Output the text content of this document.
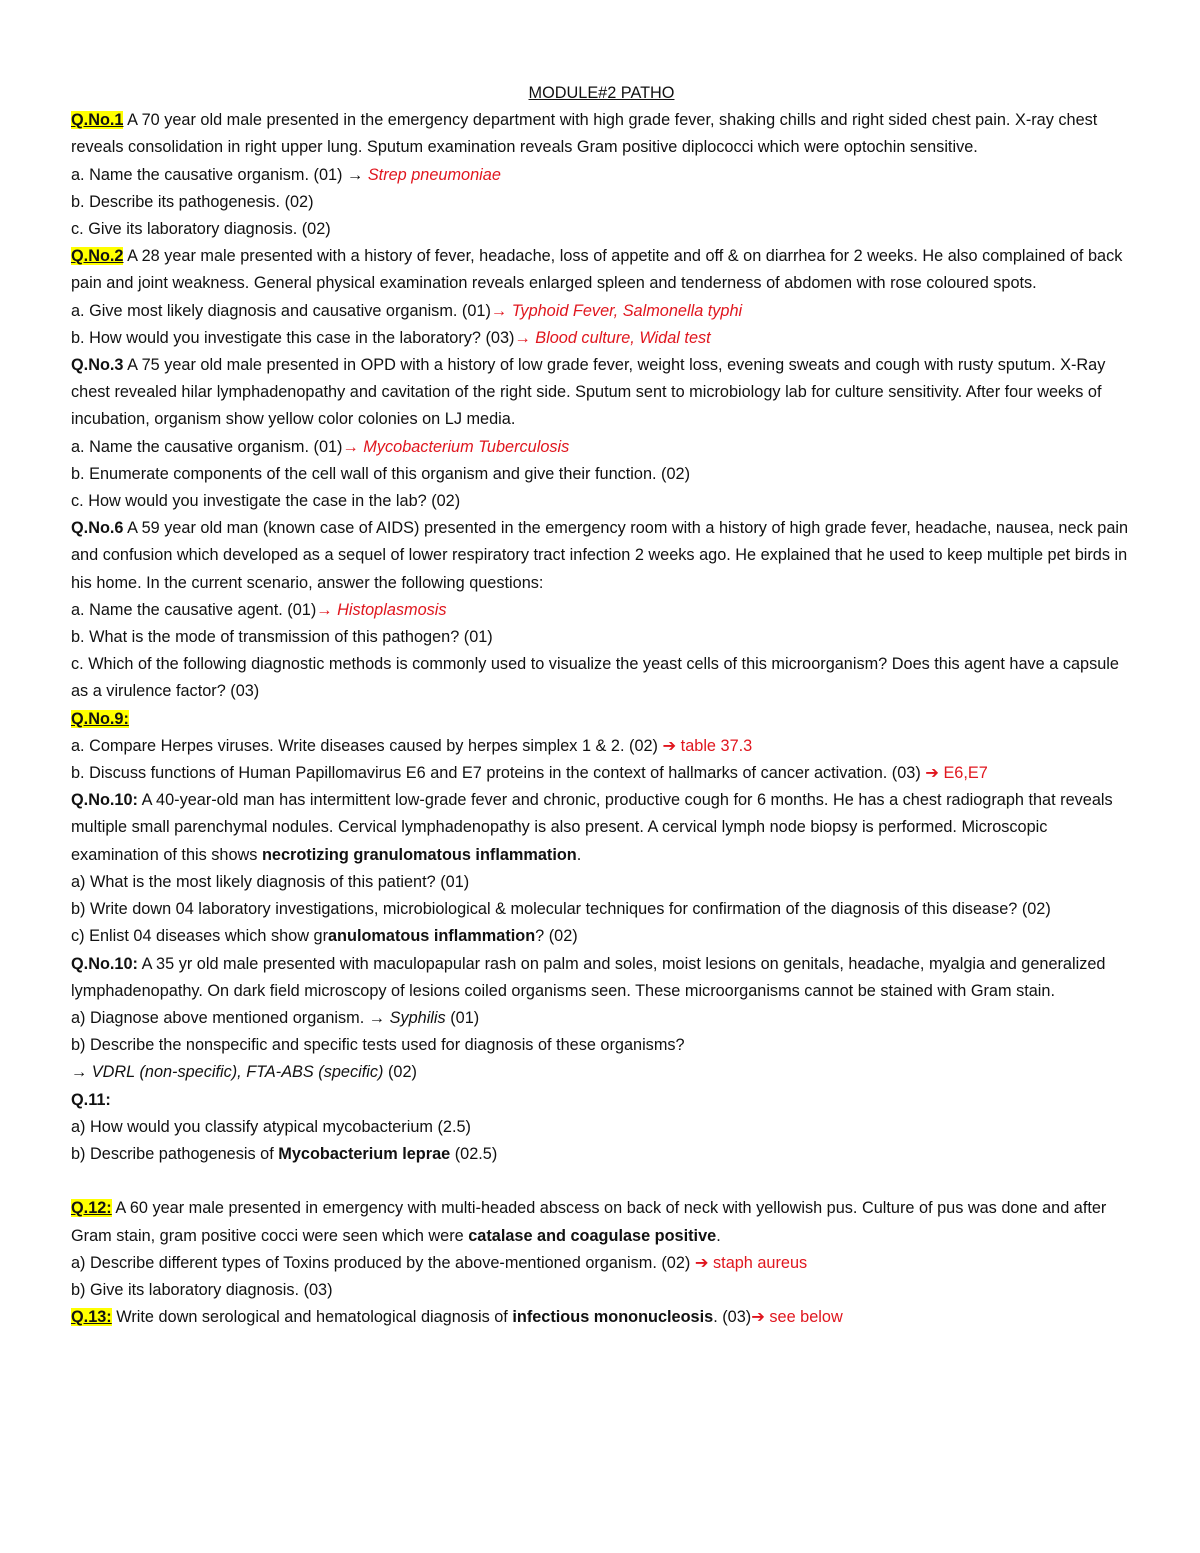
MODULE#2 PATHO

Q.No.1 A 70 year old male presented in the emergency department with high grade fever, shaking chills and right sided chest pain. X-ray chest reveals consolidation in right upper lung. Sputum examination reveals Gram positive diplococci which were optochin sensitive.

a. Name the causative organism. (01) → Strep pneumoniae

b. Describe its pathogenesis. (02)

c. Give its laboratory diagnosis. (02)

Q.No.2 A 28 year male presented with a history of fever, headache, loss of appetite and off & on diarrhea for 2 weeks. He also complained of back pain and joint weakness. General physical examination reveals enlarged spleen and tenderness of abdomen with rose coloured spots.

a. Give most likely diagnosis and causative organism. (01)→ Typhoid Fever, Salmonella typhi

b. How would you investigate this case in the laboratory? (03)→ Blood culture, Widal test

Q.No.3 A 75 year old male presented in OPD with a history of low grade fever, weight loss, evening sweats and cough with rusty sputum. X-Ray chest revealed hilar lymphadenopathy and cavitation of the right side. Sputum sent to microbiology lab for culture sensitivity. After four weeks of incubation, organism show yellow color colonies on LJ media.

a. Name the causative organism. (01)→ Mycobacterium Tuberculosis

b. Enumerate components of the cell wall of this organism and give their function. (02)

c. How would you investigate the case in the lab? (02)

Q.No.6 A 59 year old man (known case of AIDS) presented in the emergency room with a history of high grade fever, headache, nausea, neck pain and confusion which developed as a sequel of lower respiratory tract infection 2 weeks ago. He explained that he used to keep multiple pet birds in his home. In the current scenario, answer the following questions:

a. Name the causative agent. (01)→ Histoplasmosis

b. What is the mode of transmission of this pathogen? (01)

c. Which of the following diagnostic methods is commonly used to visualize the yeast cells of this microorganism? Does this agent have a capsule as a virulence factor? (03)

Q.No.9:

a. Compare Herpes viruses. Write diseases caused by herpes simplex 1 & 2. (02) ➔ table 37.3

b. Discuss functions of Human Papillomavirus E6 and E7 proteins in the context of hallmarks of cancer activation. (03) ➔ E6,E7

Q.No.10: A 40-year-old man has intermittent low-grade fever and chronic, productive cough for 6 months. He has a chest radiograph that reveals multiple small parenchymal nodules. Cervical lymphadenopathy is also present. A cervical lymph node biopsy is performed. Microscopic examination of this shows necrotizing granulomatous inflammation.

a) What is the most likely diagnosis of this patient? (01)

b) Write down 04 laboratory investigations, microbiological & molecular techniques for confirmation of the diagnosis of this disease? (02)

c) Enlist 04 diseases which show granulomatous inflammation? (02)

Q.No.10: A 35 yr old male presented with maculopapular rash on palm and soles, moist lesions on genitals, headache, myalgia and generalized lymphadenopathy. On dark field microscopy of lesions coiled organisms seen. These microorganisms cannot be stained with Gram stain.

a) Diagnose above mentioned organism. → Syphilis (01)

b) Describe the nonspecific and specific tests used for diagnosis of these organisms?

→ VDRL (non-specific), FTA-ABS (specific) (02)

Q.11:

a) How would you classify atypical mycobacterium (2.5)

b) Describe pathogenesis of Mycobacterium leprae (02.5)

Q.12: A 60 year male presented in emergency with multi-headed abscess on back of neck with yellowish pus. Culture of pus was done and after Gram stain, gram positive cocci were seen which were catalase and coagulase positive.

a) Describe different types of Toxins produced by the above-mentioned organism. (02) ➔ staph aureus

b) Give its laboratory diagnosis. (03)

Q.13: Write down serological and hematological diagnosis of infectious mononucleosis. (03)➔ see below
